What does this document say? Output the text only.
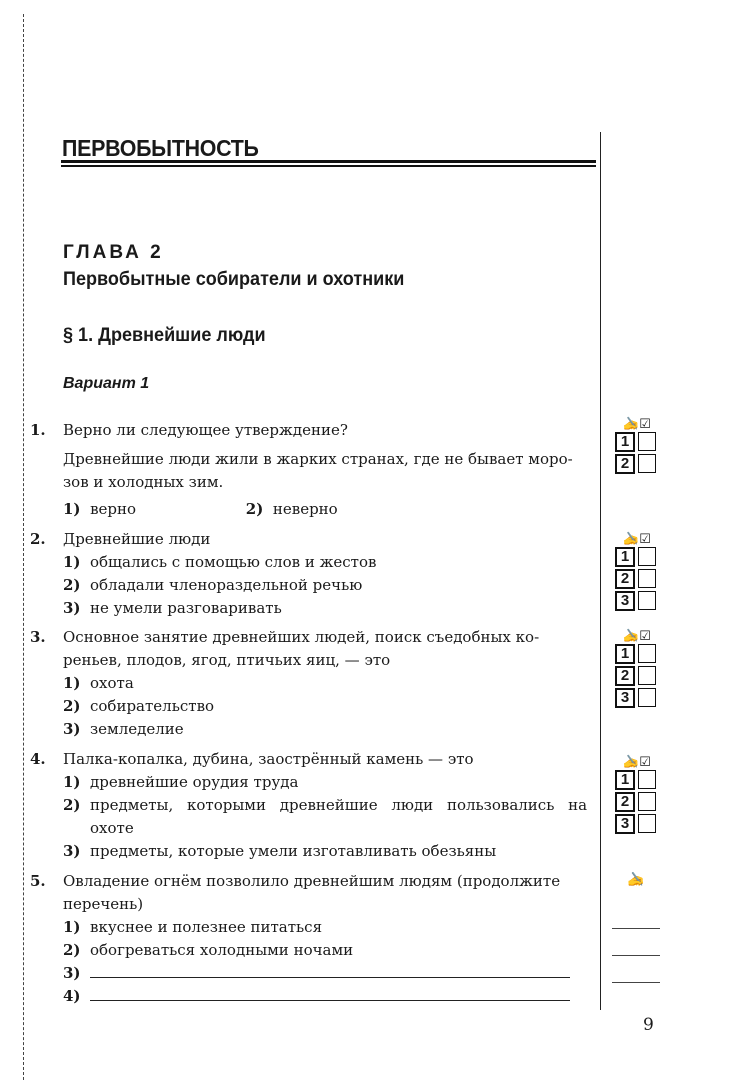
ПЕРВОБЫТНОСТЬ
ГЛАВА 2
Первобытные собиратели и охотники
§ 1. Древнейшие люди
Вариант 1
1. Верно ли следующее утверждение?
Древнейшие люди жили в жарких странах, где не бывает моро-
зов и холодных зим.
1) верно	2) неверно
2. Древнейшие люди
1) общались с помощью слов и жестов
2) обладали членораздельной речью
3) не умели разговаривать
3. Основное занятие древнейших людей, поиск съедобных ко-
реньев, плодов, ягод, птичьих яиц, — это
1) охота
2) собирательство
3) земледелие
4. Палка-копалка, дубина, заострённый камень — это
1) древнейшие орудия труда
2) предметы, которыми древнейшие люди пользовались на
охоте
3) предметы, которые умели изготавливать обезьяны
5. Овладение огнём позволило древнейшим людям (продолжите
перечень)
1) вкуснее и полезнее питаться
2) обогреваться холодными ночами
3)
4)
✍☑
1
2
✍☑
1
2
3
✍☑
1
2
3
✍☑
1
2
3
✍
9
